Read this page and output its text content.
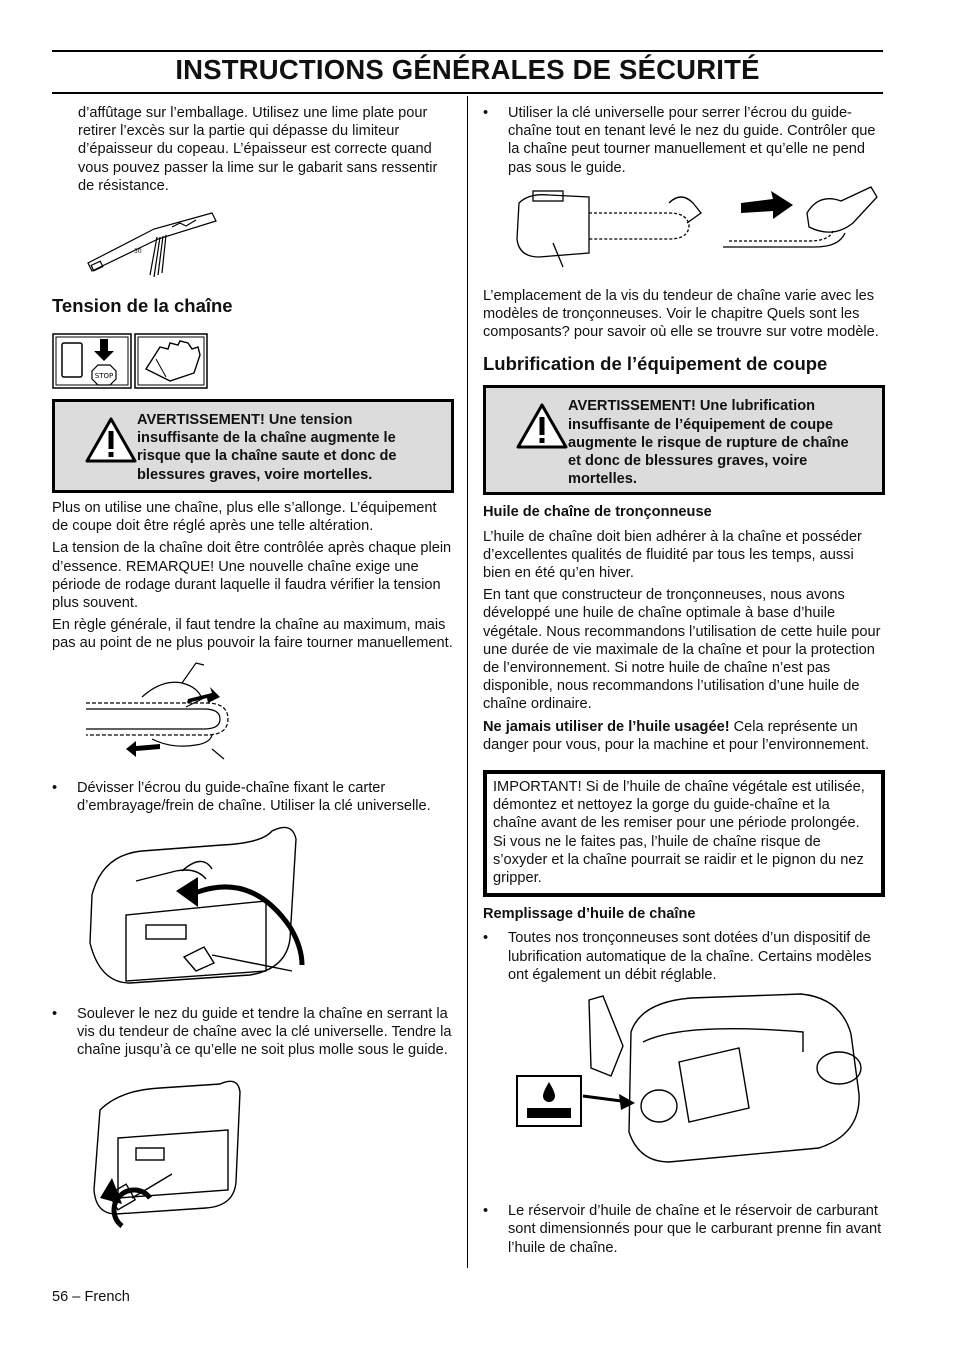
INSTRUCTIONS GÉNÉRALES DE SÉCURITÉ

d’affûtage sur l’emballage. Utilisez une lime plate pour retirer l’excès sur la partie qui dépasse du limiteur d’épaisseur du copeau. L’épaisseur est correcte quand vous pouvez passer la lime sur le gabarit sans ressentir de résistance.

30
Tension de la chaîne
STOP
AVERTISSEMENT! Une tension insuffisante de la chaîne augmente le risque que la chaîne saute et donc de blessures graves, voire mortelles.

Plus on utilise une chaîne, plus elle s’allonge. L’équipement de coupe doit être réglé après une telle altération.

La tension de la chaîne doit être contrôlée après chaque plein d’essence. REMARQUE! Une nouvelle chaîne exige une période de rodage durant laquelle il faudra vérifier la tension plus souvent.

En règle générale, il faut tendre la chaîne au maximum, mais pas au point de ne plus pouvoir la faire tourner manuellement.

• Dévisser l’écrou du guide-chaîne fixant le carter d’embrayage/frein de chaîne. Utiliser la clé universelle.

• Soulever le nez du guide et tendre la chaîne en serrant la vis du tendeur de chaîne avec la clé universelle. Tendre la chaîne jusqu’à ce qu’elle ne soit plus molle sous le guide.

• Utiliser la clé universelle pour serrer l’écrou du guide-chaîne tout en tenant levé le nez du guide. Contrôler que la chaîne peut tourner manuellement et qu’elle ne pend pas sous le guide.

L’emplacement de la vis du tendeur de chaîne varie avec les modèles de tronçonneuses. Voir le chapitre Quels sont les composants? pour savoir où elle se trouvre sur votre modèle.

Lubrification de l’équipement de coupe
AVERTISSEMENT! Une lubrification insuffisante de l’équipement de coupe augmente le risque de rupture de chaîne et donc de blessures graves, voire mortelles.

Huile de chaîne de tronçonneuse

L’huile de chaîne doit bien adhérer à la chaîne et posséder d’excellentes qualités de fluidité par tous les temps, aussi bien en été qu’en hiver.

En tant que constructeur de tronçonneuses, nous avons développé une huile de chaîne optimale à base d’huile végétale. Nous recommandons l’utilisation de cette huile pour une durée de vie maximale de la chaîne et pour la protection de l’environnement. Si notre huile de chaîne n’est pas disponible, nous recommandons l’utilisation d’une huile de chaîne ordinaire.

Ne jamais utiliser de l’huile usagée! Cela représente un danger pour vous, pour la machine et pour l’environnement.

IMPORTANT! Si de l’huile de chaîne végétale est utilisée, démontez et nettoyez la gorge du guide-chaîne et la chaîne avant de les remiser pour une période prolongée. Si vous ne le faites pas, l’huile de chaîne risque de s’oxyder et la chaîne pourrait se raidir et le pignon du nez gripper.

Remplissage d’huile de chaîne

• Toutes nos tronçonneuses sont dotées d’un dispositif de lubrification automatique de la chaîne. Certains modèles ont également un débit réglable.

• Le réservoir d’huile de chaîne et le réservoir de carburant sont dimensionnés pour que le carburant prenne fin avant l’huile de chaîne.

56 – French
